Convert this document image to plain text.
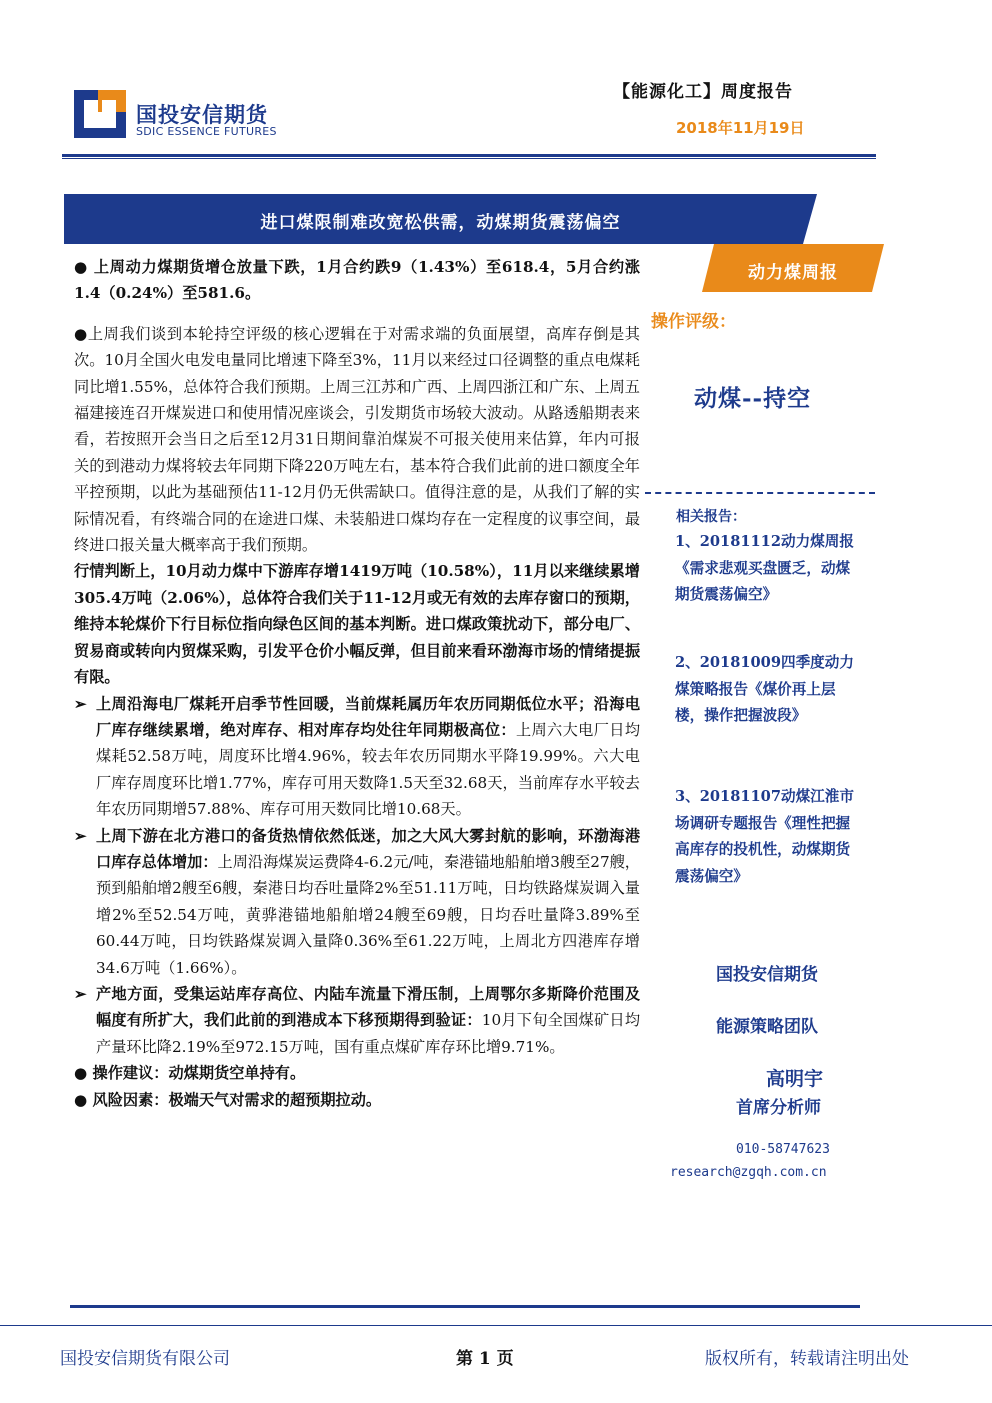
国投安信期货
SDIC ESSENCE FUTURES
【能源化工】周度报告
2018年11月19日
进口煤限制难改宽松供需，动煤期货震荡偏空
动力煤周报

● 上周动力煤期货增仓放量下跌，1月合约跌9（1.43%）至618.4，5月合约涨1.4（0.24%）至581.6。

●上周我们谈到本轮持空评级的核心逻辑在于对需求端的负面展望，高库存倒是其次。10月全国火电发电量同比增速下降至3%，11月以来经过口径调整的重点电煤耗同比增1.55%，总体符合我们预期。上周三江苏和广西、上周四浙江和广东、上周五福建接连召开煤炭进口和使用情况座谈会，引发期货市场较大波动。从路透船期表来看，若按照开会当日之后至12月31日期间靠泊煤炭不可报关使用来估算，年内可报关的到港动力煤将较去年同期下降220万吨左右，基本符合我们此前的进口额度全年平控预期，以此为基础预估11-12月仍无供需缺口。值得注意的是，从我们了解的实际情况看，有终端合同的在途进口煤、未装船进口煤均存在一定程度的议事空间，最终进口报关量大概率高于我们预期。

行情判断上，10月动力煤中下游库存增1419万吨（10.58%），11月以来继续累增305.4万吨（2.06%），总体符合我们关于11-12月或无有效的去库存窗口的预期，维持本轮煤价下行目标位指向绿色区间的基本判断。进口煤政策扰动下，部分电厂、贸易商或转向内贸煤采购，引发平仓价小幅反弹，但目前来看环渤海市场的情绪提振有限。

➢ 上周沿海电厂煤耗开启季节性回暖，当前煤耗属历年农历同期低位水平；沿海电厂库存继续累增，绝对库存、相对库存均处往年同期极高位：上周六大电厂日均煤耗52.58万吨，周度环比增4.96%，较去年农历同期水平降19.99%。六大电厂库存周度环比增1.77%，库存可用天数降1.5天至32.68天，当前库存水平较去年农历同期增57.88%、库存可用天数同比增10.68天。

➢ 上周下游在北方港口的备货热情依然低迷，加之大风大雾封航的影响，环渤海港口库存总体增加：上周沿海煤炭运费降4-6.2元/吨，秦港锚地船舶增3艘至27艘，预到船舶增2艘至6艘，秦港日均吞吐量降2%至51.11万吨，日均铁路煤炭调入量增2%至52.54万吨，黄骅港锚地船舶增24艘至69艘，日均吞吐量降3.89%至60.44万吨，日均铁路煤炭调入量降0.36%至61.22万吨，上周北方四港库存增34.6万吨（1.66%）。

➢ 产地方面，受集运站库存高位、内陆车流量下滑压制，上周鄂尔多斯降价范围及幅度有所扩大，我们此前的到港成本下移预期得到验证：10月下旬全国煤矿日均产量环比降2.19%至972.15万吨，国有重点煤矿库存环比增9.71%。

● 操作建议：动煤期货空单持有。

● 风险因素：极端天气对需求的超预期拉动。

操作评级：
动煤--持空
相关报告：
1、20181112动力煤周报《需求悲观买盘匮乏，动煤期货震荡偏空》
2、20181009四季度动力煤策略报告《煤价再上层楼，操作把握波段》
3、20181107动煤江淮市场调研专题报告《理性把握高库存的投机性，动煤期货震荡偏空》
国投安信期货
能源策略团队
高明宇
首席分析师
010-58747623
research@zgqh.com.cn
国投安信期货有限公司	第 1 页	版权所有，转载请注明出处
